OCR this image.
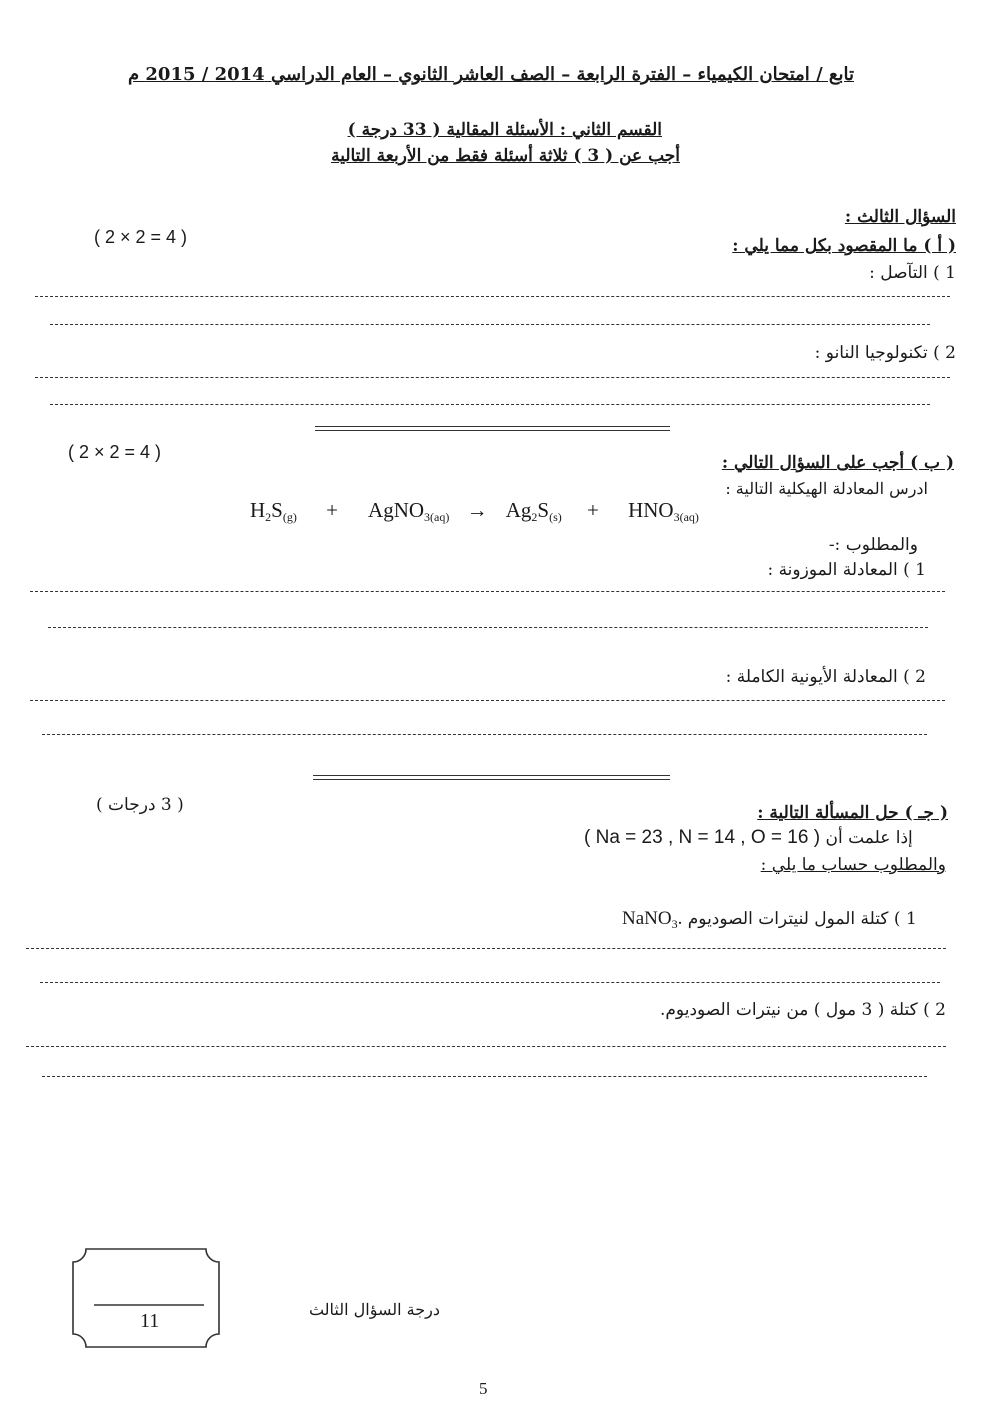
تابع / امتحان الكيمياء – الفترة الرابعة – الصف العاشر الثانوي – العام الدراسي 2014 / 2015 م
القسم الثاني : الأسئلة المقالية ( 33 درجة )
أجب عن ( 3 ) ثلاثة أسئلة فقط من الأربعة التالية
السؤال الثالث :
( 2 × 2 = 4 )	( أ ) ما المقصود بكل مما يلي :
1 ) التآصل :
2 ) تكنولوجيا النانو :
( 2 × 2 = 4 )
( ب ) أجب على السؤال التالي :
ادرس المعادلة الهيكلية التالية :
$H_2S_{(g)}$ + AgNO$_{3(aq)}$ → $Ag_2S_{(s)} + HNO_{3(aq)}$
والمطلوب :-
1 ) المعادلة الموزونة :
2 ) المعادلة الأيونية الكاملة :
( 3 درجات )	( جـ ) حل المسألة التالية :
( Na = 23 , N = 14 , O = 16 ) إذا علمت أن
والمطلوب حساب ما يلي :
NaNO$_3$. 1 ) كتلة المول لنيترات الصوديوم
2 ) كتلة ( 3 مول ) من نيترات الصوديوم.
11
درجة السؤال الثالث
5
